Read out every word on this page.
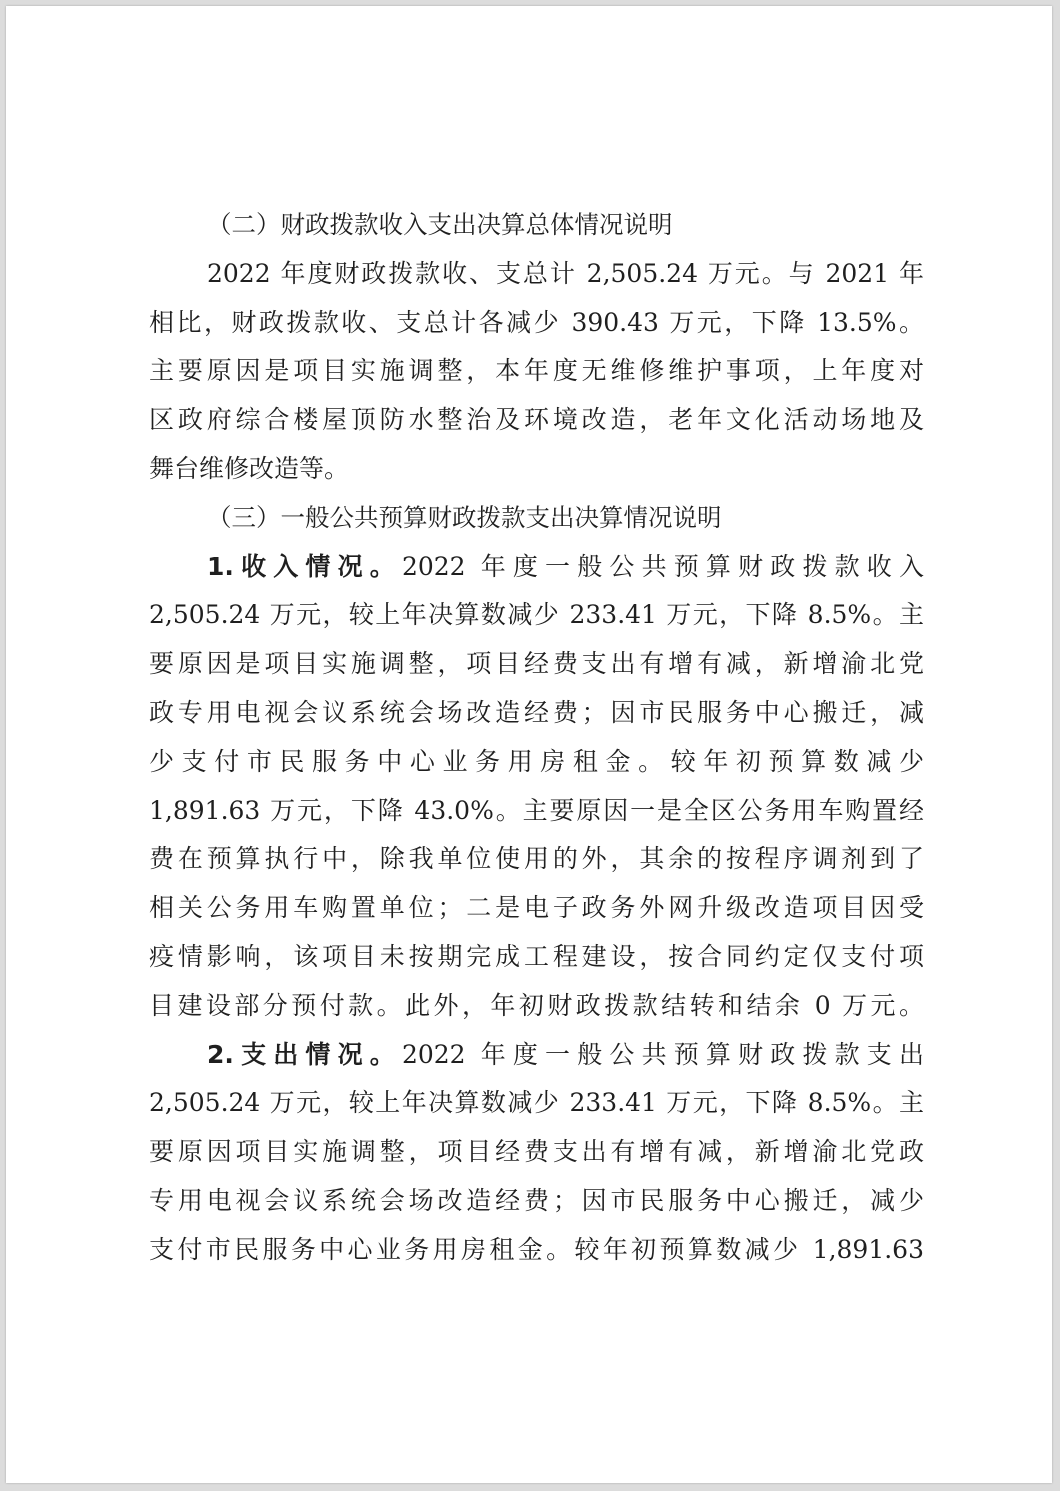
（二）财政拨款收入支出决算总体情况说明
2022 年度财政拨款收、支总计 2,505.24 万元。与 2021 年
相比，财政拨款收、支总计各减少 390.43 万元，下降 13.5%。
主要原因是项目实施调整，本年度无维修维护事项，上年度对
区政府综合楼屋顶防水整治及环境改造，老年文化活动场地及
舞台维修改造等。
（三）一般公共预算财政拨款支出决算情况说明
1.收入情况。2022 年度一般公共预算财政拨款收入
2,505.24 万元，较上年决算数减少 233.41 万元，下降 8.5%。主
要原因是项目实施调整，项目经费支出有增有减，新增渝北党
政专用电视会议系统会场改造经费；因市民服务中心搬迁，减
少支付市民服务中心业务用房租金。较年初预算数减少
1,891.63 万元，下降 43.0%。主要原因一是全区公务用车购置经
费在预算执行中，除我单位使用的外，其余的按程序调剂到了
相关公务用车购置单位；二是电子政务外网升级改造项目因受
疫情影响，该项目未按期完成工程建设，按合同约定仅支付项
目建设部分预付款。此外，年初财政拨款结转和结余 0 万元。
2.支出情况。2022 年度一般公共预算财政拨款支出
2,505.24 万元，较上年决算数减少 233.41 万元，下降 8.5%。主
要原因项目实施调整，项目经费支出有增有减，新增渝北党政
专用电视会议系统会场改造经费；因市民服务中心搬迁，减少
支付市民服务中心业务用房租金。较年初预算数减少 1,891.63
